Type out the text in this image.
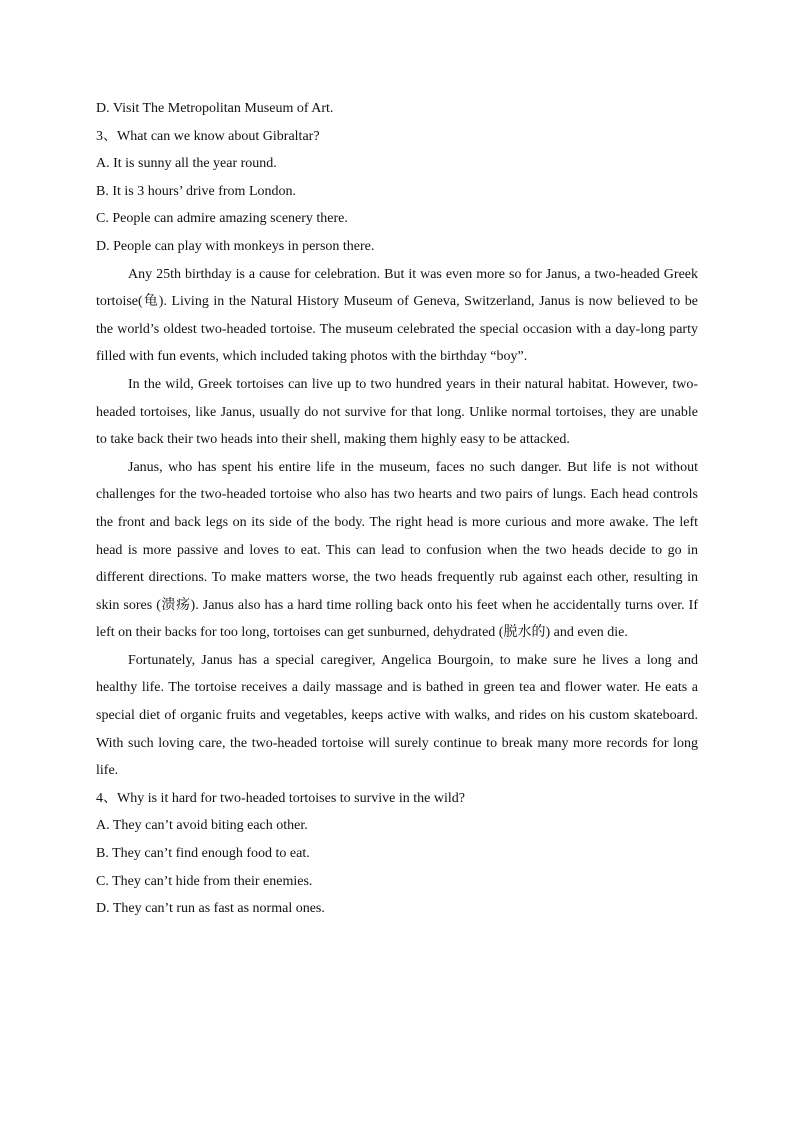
D. Visit The Metropolitan Museum of Art.

3、What can we know about Gibraltar?

A. It is sunny all the year round.

B. It is 3 hours’ drive from London.

C. People can admire amazing scenery there.

D. People can play with monkeys in person there.

Any 25th birthday is a cause for celebration. But it was even more so for Janus, a two-headed Greek tortoise(龟). Living in the Natural History Museum of Geneva, Switzerland, Janus is now believed to be the world’s oldest two-headed tortoise. The museum celebrated the special occasion with a day-long party filled with fun events, which included taking photos with the birthday “boy”.

In the wild, Greek tortoises can live up to two hundred years in their natural habitat. However, two-headed tortoises, like Janus, usually do not survive for that long. Unlike normal tortoises, they are unable to take back their two heads into their shell, making them highly easy to be attacked.

Janus, who has spent his entire life in the museum, faces no such danger. But life is not without challenges for the two-headed tortoise who also has two hearts and two pairs of lungs. Each head controls the front and back legs on its side of the body. The right head is more curious and more awake. The left head is more passive and loves to eat. This can lead to confusion when the two heads decide to go in different directions. To make matters worse, the two heads frequently rub against each other, resulting in skin sores (溃疡). Janus also has a hard time rolling back onto his feet when he accidentally turns over. If left on their backs for too long, tortoises can get sunburned, dehydrated (脱水的) and even die.

Fortunately, Janus has a special caregiver, Angelica Bourgoin, to make sure he lives a long and healthy life. The tortoise receives a daily massage and is bathed in green tea and flower water. He eats a special diet of organic fruits and vegetables, keeps active with walks, and rides on his custom skateboard. With such loving care, the two-headed tortoise will surely continue to break many more records for long life.

4、Why is it hard for two-headed tortoises to survive in the wild?

A. They can’t avoid biting each other.

B. They can’t find enough food to eat.

C. They can’t hide from their enemies.

D. They can’t run as fast as normal ones.
